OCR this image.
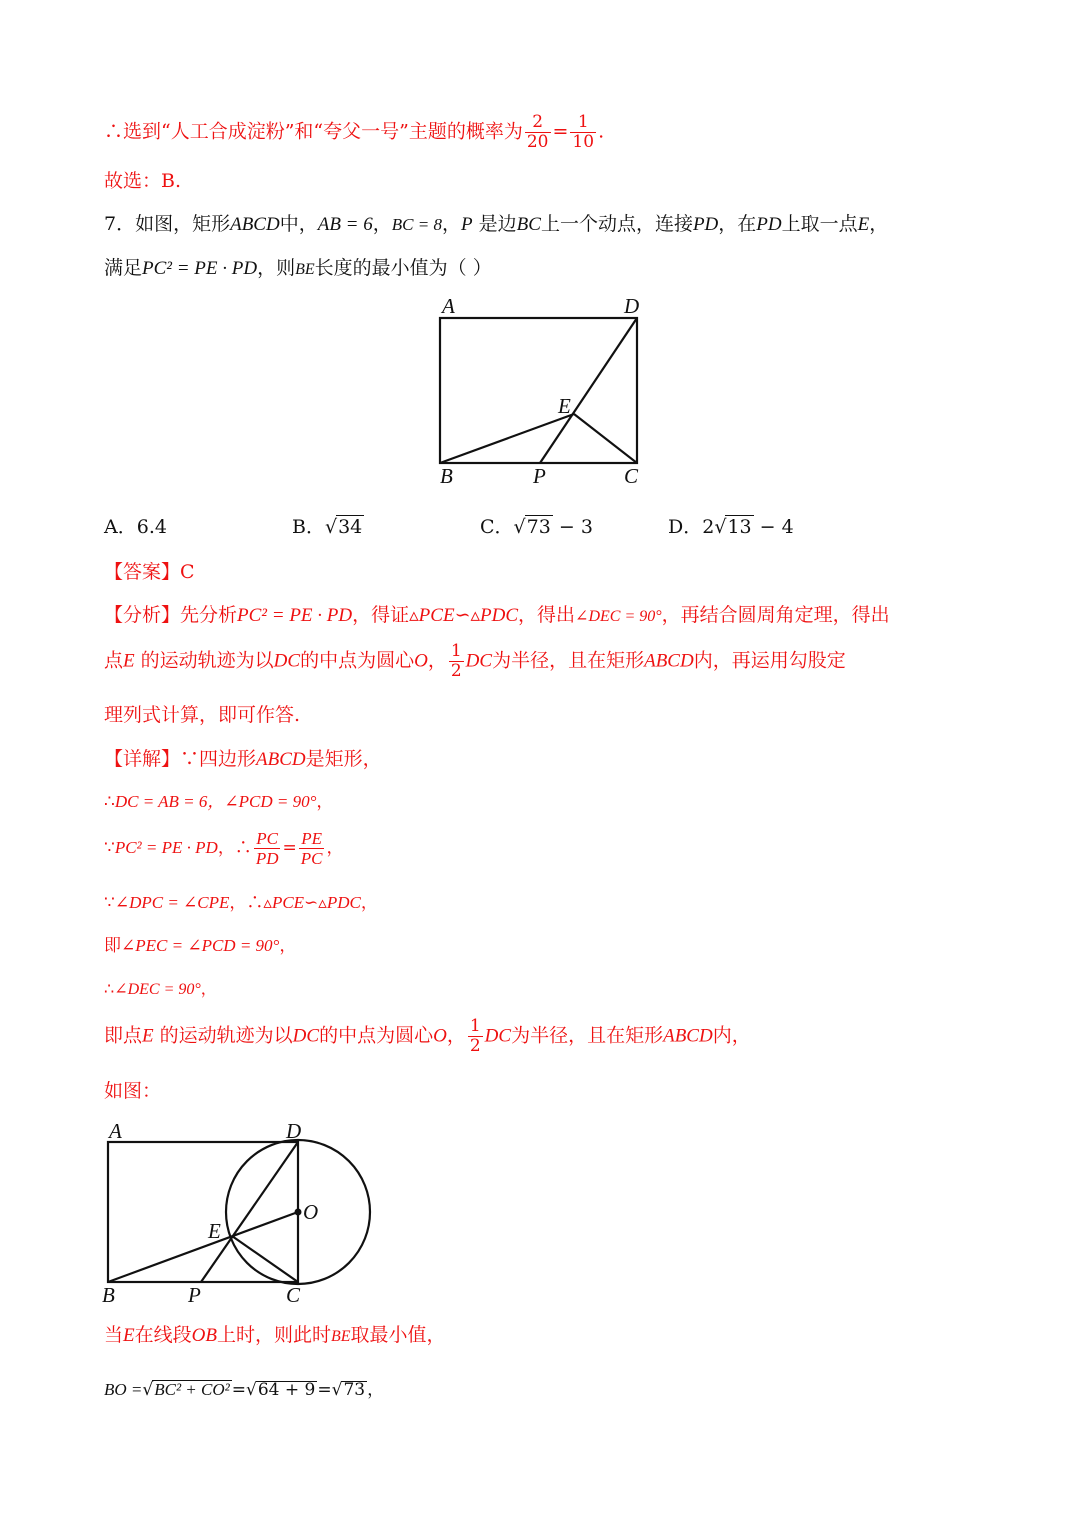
∴选到“人工合成淀粉”和“夸父一号”主题的概率为 $\frac{2}{20} = \frac{1}{10}$ .
故选：B.
7．如图，矩形ABCD中，AB = 6，BC = 8，P 是边BC上一个动点，连接PD，在PD上取一点E，
满足PC² = PE · PD，则BE长度的最小值为（ ）
A	D
E
B	P	C
A．6.4	B．√34	C．√73 − 3	D．2√13 − 4
【答案】C
【分析】先分析PC² = PE · PD，得证▵PCE∽▵PDC，得出∠DEC = 90°，再结合圆周角定理，得出
点E 的运动轨迹为以DC的中点为圆心O， $\frac{1}{2}$ DC为半径，且在矩形ABCD内，再运用勾股定
理列式计算，即可作答.
【详解】∵四边形ABCD是矩形，
∴DC = AB = 6，∠PCD = 90°，
∵PC² = PE · PD，∴ $\frac{PC}{PD} = \frac{PE}{PC}$ ，
∵∠DPC = ∠CPE，∴▵PCE∽▵PDC，
即∠PEC = ∠PCD = 90°，
∴∠DEC = 90°，
即点E 的运动轨迹为以DC的中点为圆心O， $\frac{1}{2}$ DC为半径，且在矩形ABCD内，
如图：
A	D
O
E
B	P	C
当E在线段OB上时，则此时BE取最小值，
BO =√BC² + CO² =√64 + 9 =√73 ，
